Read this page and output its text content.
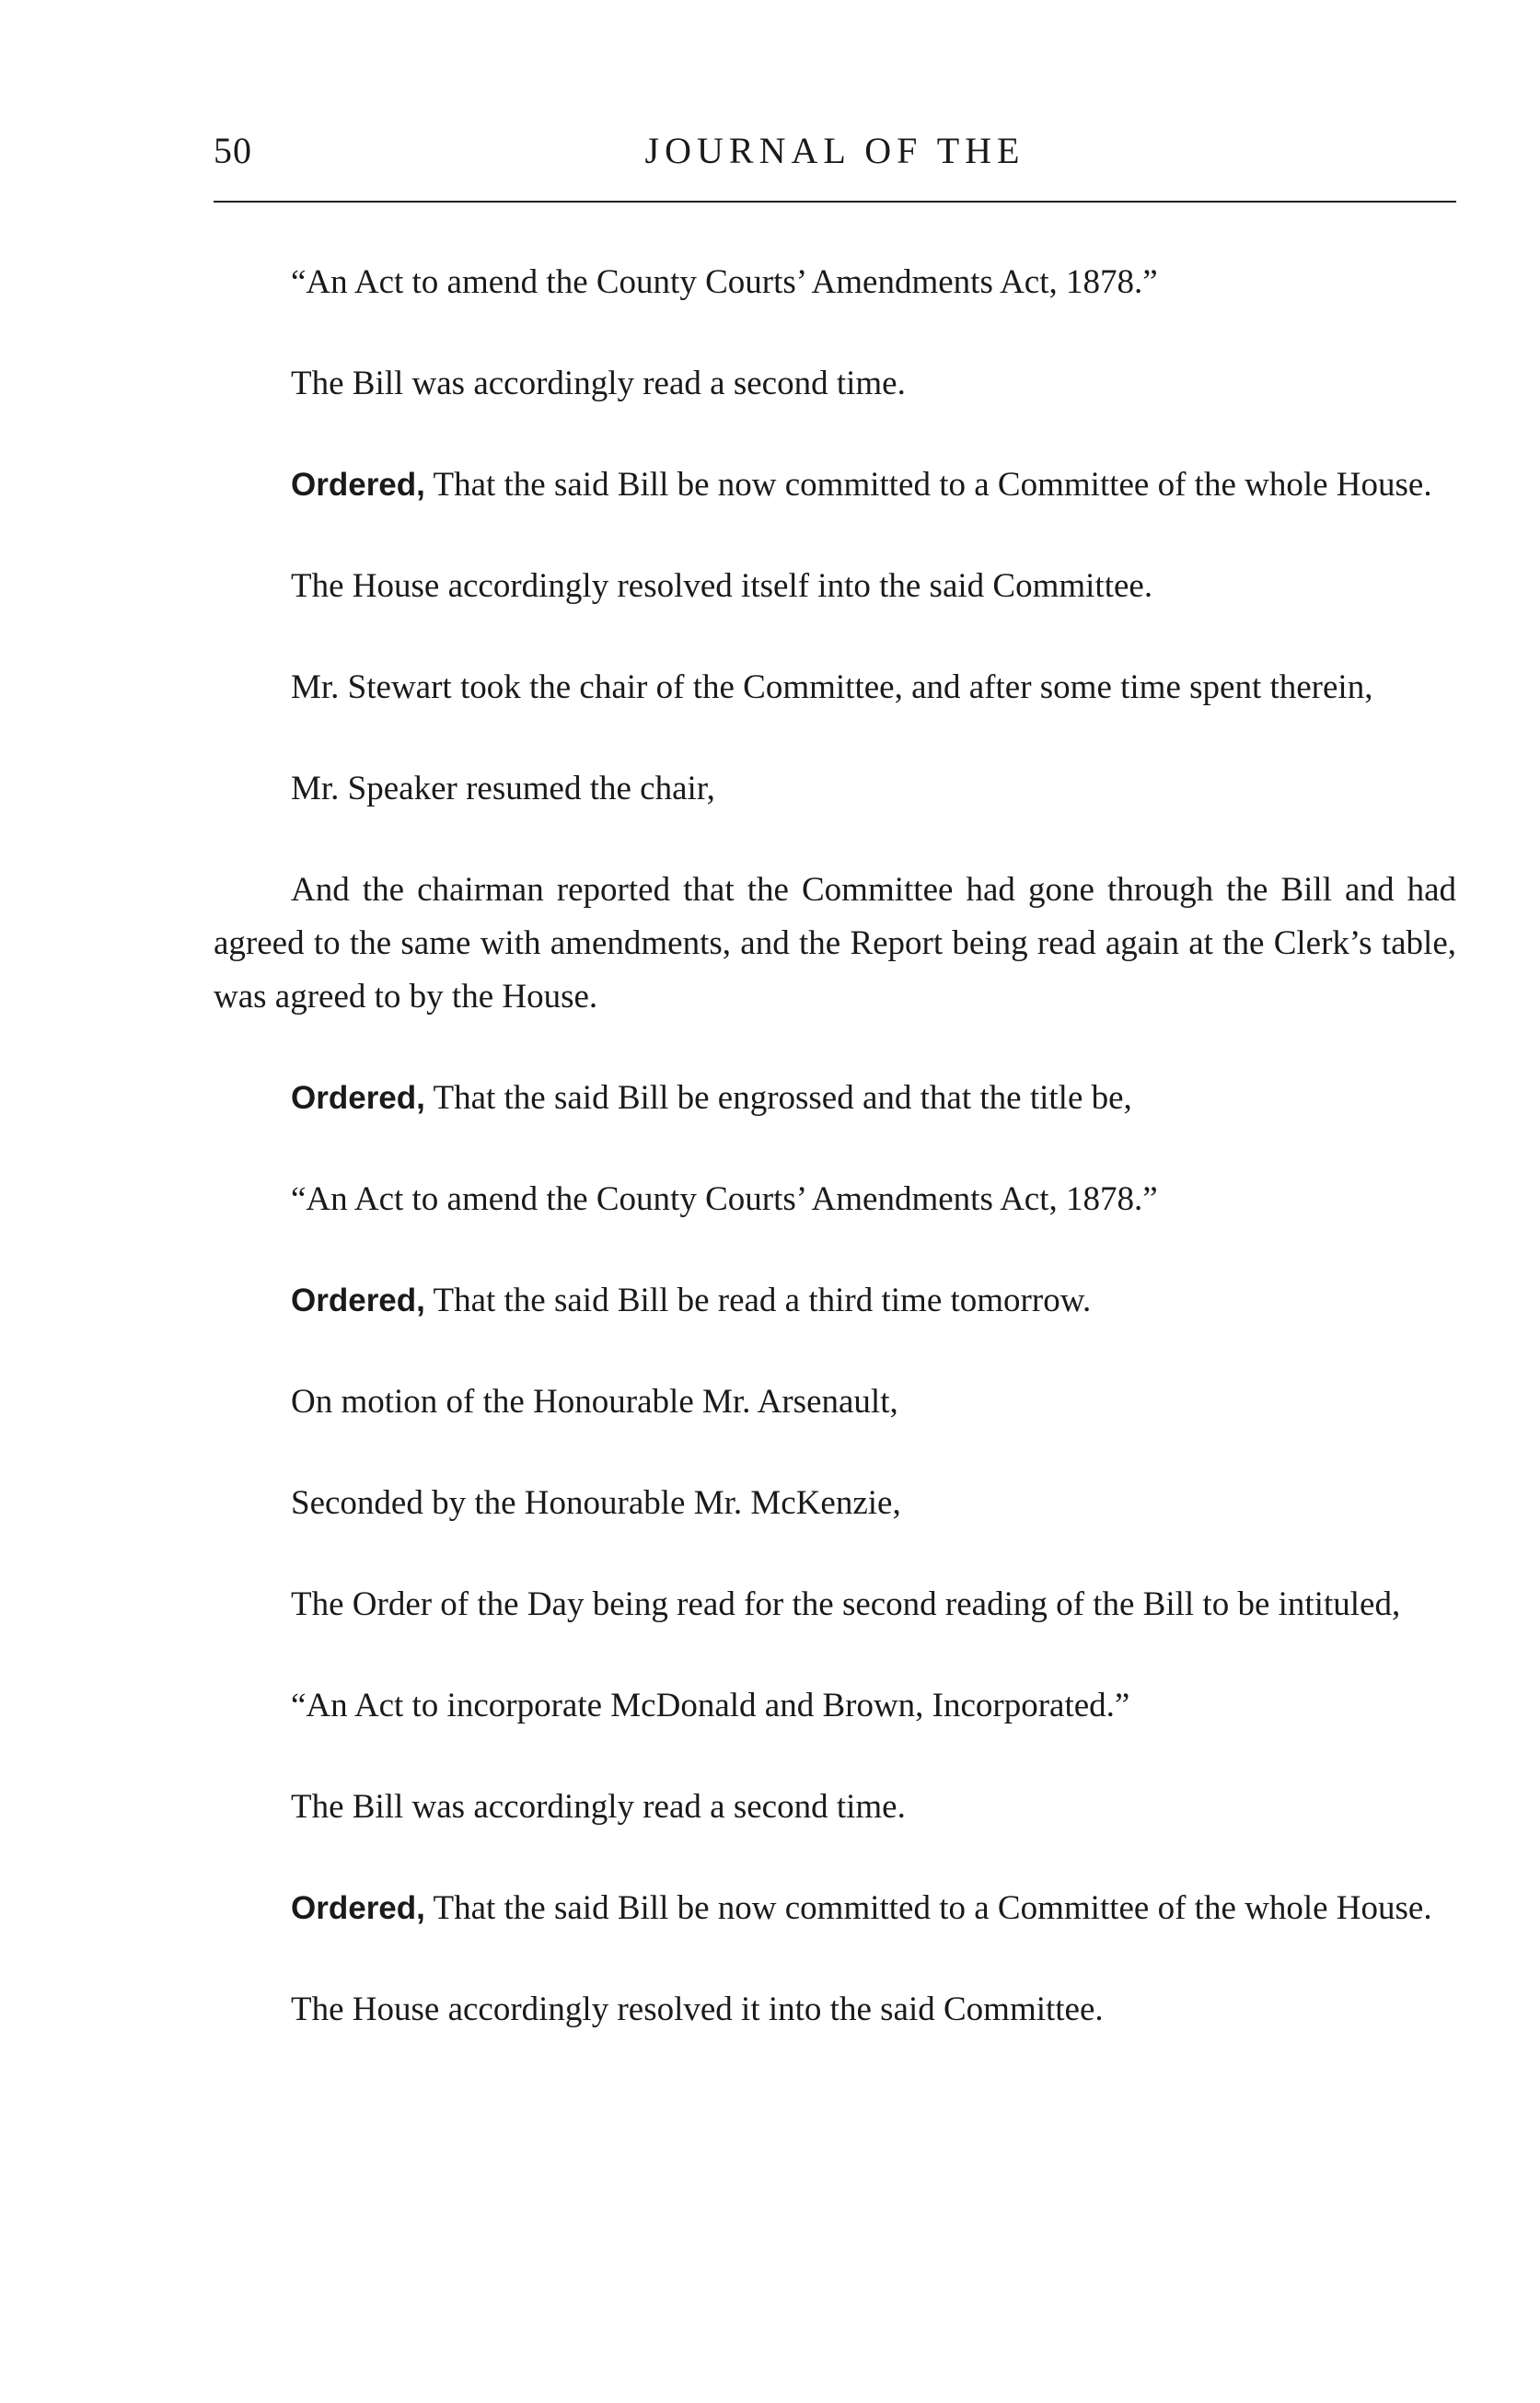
50	JOURNAL OF THE

“An Act to amend the County Courts’ Amendments Act, 1878.”

The Bill was accordingly read a second time.

Ordered, That the said Bill be now committed to a Committee of the whole House.

The House accordingly resolved itself into the said Committee.

Mr. Stewart took the chair of the Committee, and after some time spent therein,

Mr. Speaker resumed the chair,

And the chairman reported that the Committee had gone through the Bill and had agreed to the same with amendments, and the Report being read again at the Clerk’s table, was agreed to by the House.

Ordered, That the said Bill be engrossed and that the title be,

“An Act to amend the County Courts’ Amendments Act, 1878.”

Ordered, That the said Bill be read a third time tomorrow.

On motion of the Honourable Mr. Arsenault,

Seconded by the Honourable Mr. McKenzie,

The Order of the Day being read for the second reading of the Bill to be intituled,

“An Act to incorporate McDonald and Brown, Incorporated.”

The Bill was accordingly read a second time.

Ordered, That the said Bill be now committed to a Committee of the whole House.

The House accordingly resolved it into the said Committee.
